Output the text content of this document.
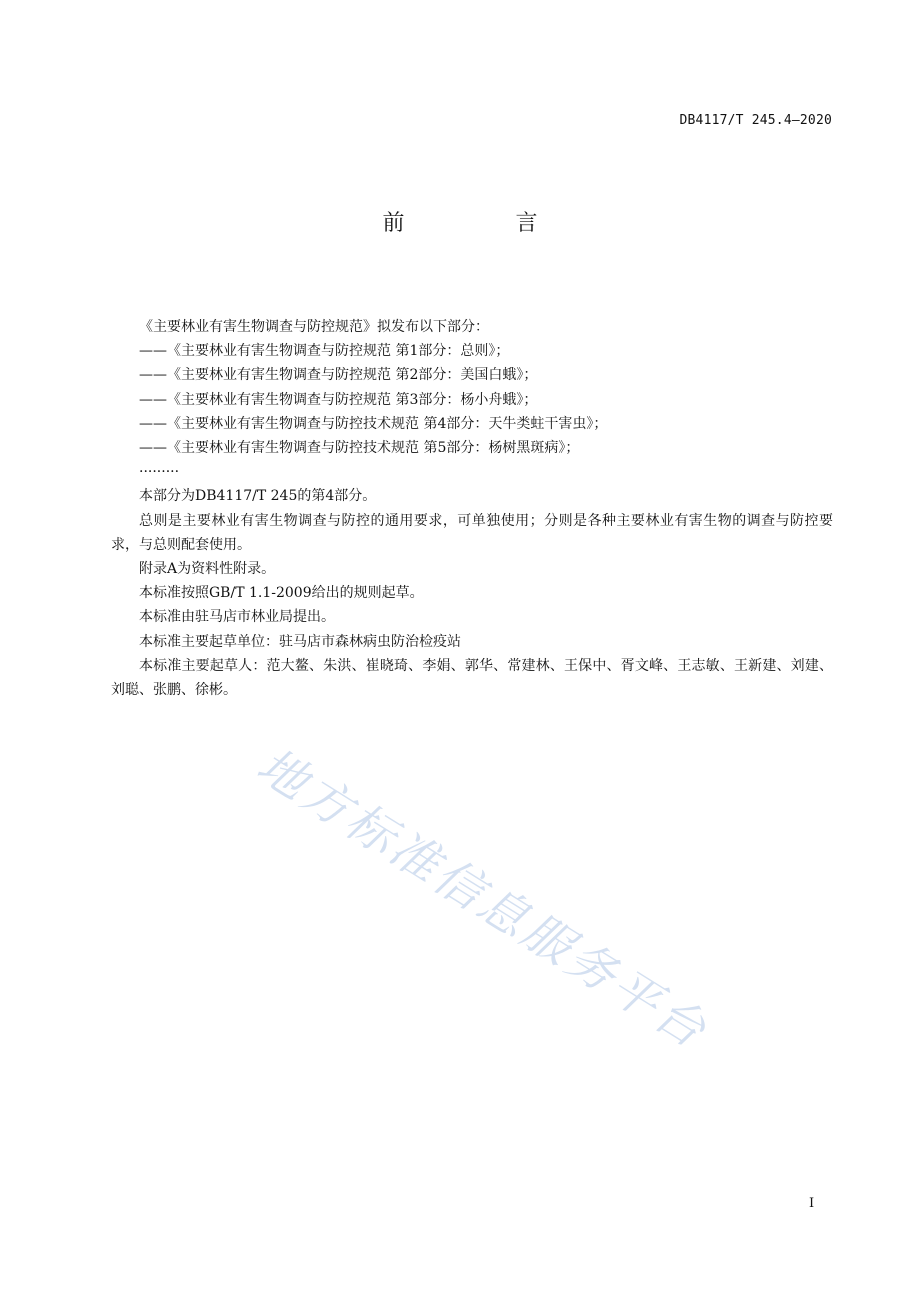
DB4117/T 245.4—2020
前 言

《主要林业有害生物调查与防控规范》拟发布以下部分：

——《主要林业有害生物调查与防控规范 第1部分：总则》；

——《主要林业有害生物调查与防控规范 第2部分：美国白蛾》；

——《主要林业有害生物调查与防控规范 第3部分：杨小舟蛾》；

——《主要林业有害生物调查与防控技术规范 第4部分：天牛类蛀干害虫》；

——《主要林业有害生物调查与防控技术规范 第5部分：杨树黑斑病》；

·········

本部分为DB4117/T 245的第4部分。

总则是主要林业有害生物调查与防控的通用要求，可单独使用；分则是各种主要林业有害生物的调查与防控要求，与总则配套使用。

附录A为资料性附录。

本标准按照GB/T 1.1-2009给出的规则起草。

本标准由驻马店市林业局提出。

本标准主要起草单位：驻马店市森林病虫防治检疫站

本标准主要起草人：范大鳌、朱洪、崔晓琦、李娟、郭华、常建林、王保中、胥文峰、王志敏、王新建、刘建、刘聪、张鹏、徐彬。

地方标准信息服务平台
I
